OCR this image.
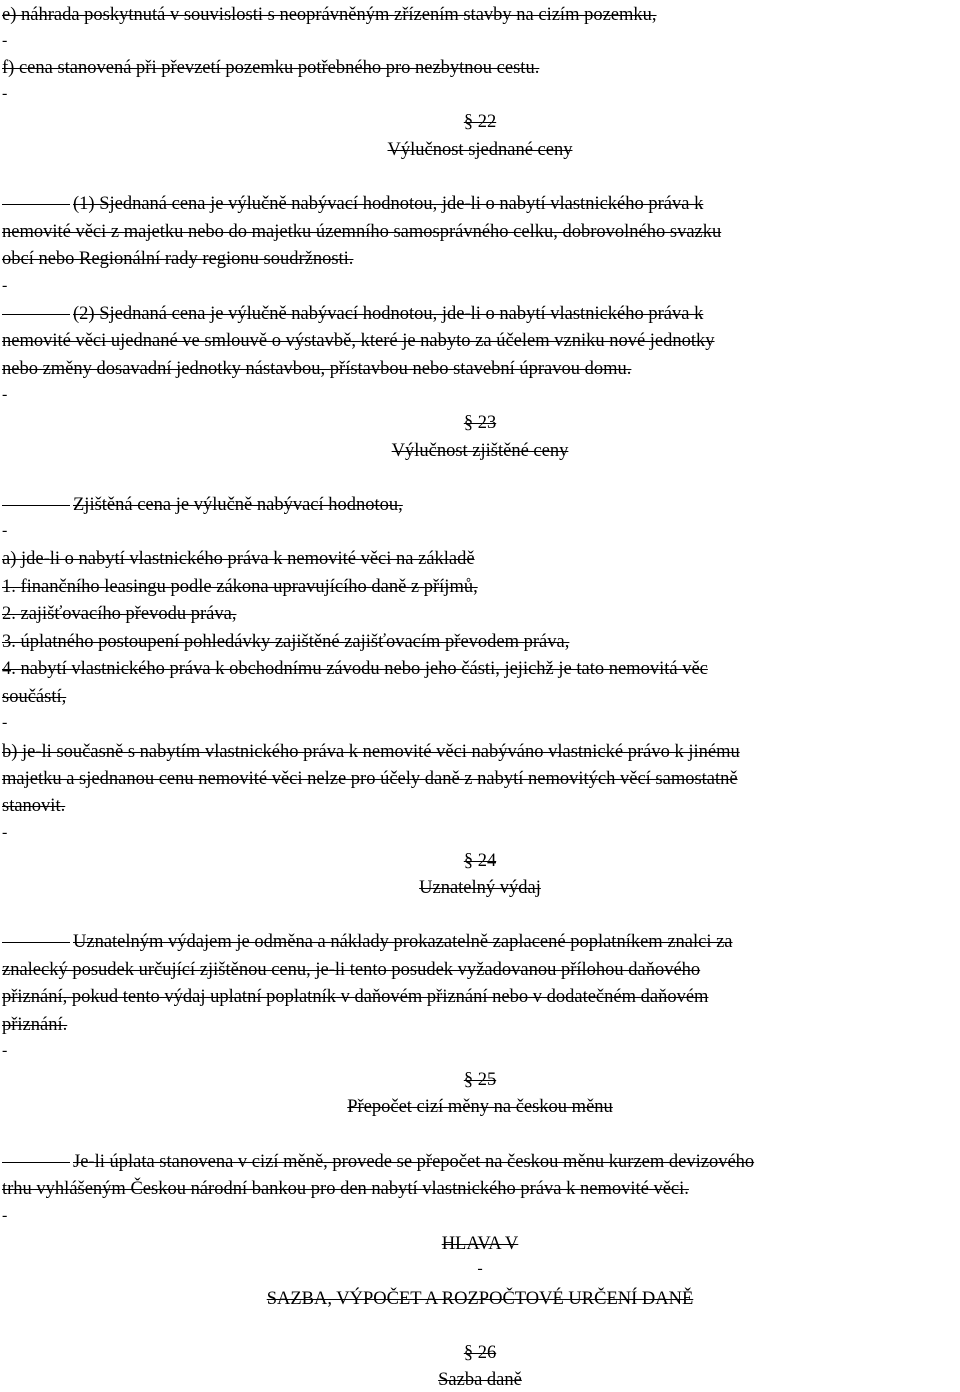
e) náhrada poskytnutá v souvislosti s neoprávněným zřízením stavby na cizím pozemku,

-

f) cena stanovená při převzetí pozemku potřebného pro nezbytnou cestu.

-

§ 22

Výlučnost sjednané ceny

(1) Sjednaná cena je výlučně nabývací hodnotou, jde-li o nabytí vlastnického práva k

nemovité věci z majetku nebo do majetku územního samosprávného celku, dobrovolného svazku

obcí nebo Regionální rady regionu soudržnosti.

-

(2) Sjednaná cena je výlučně nabývací hodnotou, jde-li o nabytí vlastnického práva k

nemovité věci ujednané ve smlouvě o výstavbě, které je nabyto za účelem vzniku nové jednotky

nebo změny dosavadní jednotky nástavbou, přístavbou nebo stavební úpravou domu.

-

§ 23

Výlučnost zjištěné ceny

Zjištěná cena je výlučně nabývací hodnotou,

-

a) jde-li o nabytí vlastnického práva k nemovité věci na základě

1. finančního leasingu podle zákona upravujícího daně z příjmů,

2. zajišťovacího převodu práva,

3. úplatného postoupení pohledávky zajištěné zajišťovacím převodem práva,

4. nabytí vlastnického práva k obchodnímu závodu nebo jeho části, jejichž je tato nemovitá věc

součástí,

-

b) je-li současně s nabytím vlastnického práva k nemovité věci nabýváno vlastnické právo k jinému

majetku a sjednanou cenu nemovité věci nelze pro účely daně z nabytí nemovitých věcí samostatně

stanovit.

-

§ 24

Uznatelný výdaj

Uznatelným výdajem je odměna a náklady prokazatelně zaplacené poplatníkem znalci za

znalecký posudek určující zjištěnou cenu, je-li tento posudek vyžadovanou přílohou daňového

přiznání, pokud tento výdaj uplatní poplatník v daňovém přiznání nebo v dodatečném daňovém

přiznání.

-

§ 25

Přepočet cizí měny na českou měnu

Je-li úplata stanovena v cizí měně, provede se přepočet na českou měnu kurzem devizového

trhu vyhlášeným Českou národní bankou pro den nabytí vlastnického práva k nemovité věci.

-

HLAVA V

-

SAZBA, VÝPOČET A ROZPOČTOVÉ URČENÍ DANĚ

§ 26

Sazba daně
